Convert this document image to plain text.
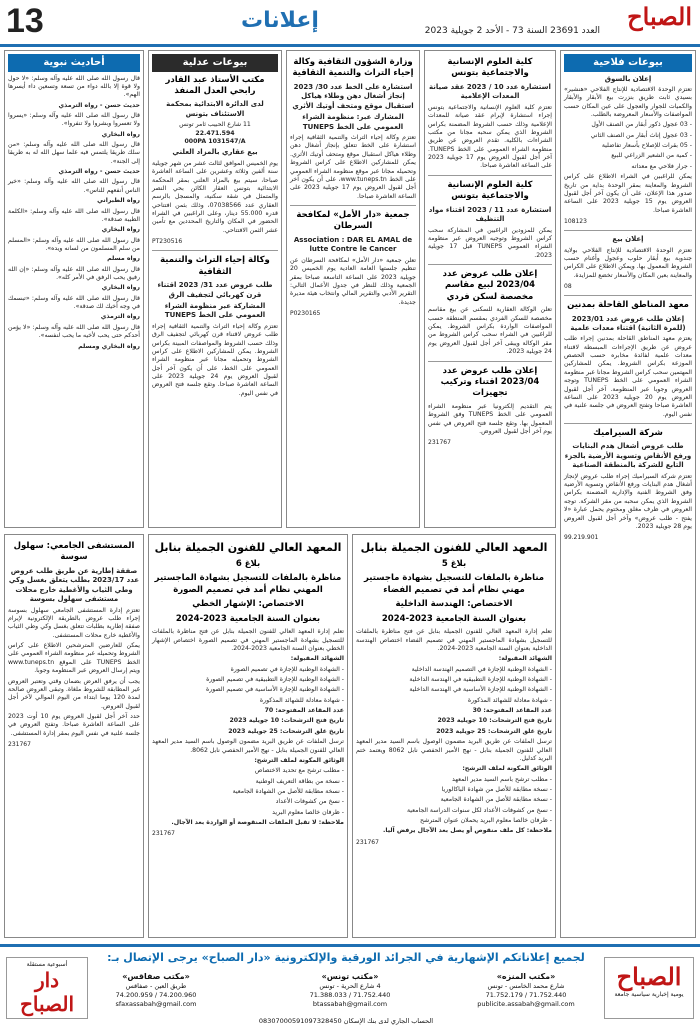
13	إعلانات	العدد 23691 السنة 73 - الأحد 2 جويلية 2023 الصباح
بيوعات فلاحية
إعلان بالسوق
تعتزم الوحدة الاقتصادية للإنتاج الفلاحي «هنشير» بسيدي ثابت طريق بنزرت بيع الأبقار والأبقار والكميات للجوار والعجول على عين المكان حسب المواصفات والأسعار المعروضة بالطلب.
- 03 عجول ذكور أبقار من الصنف الأول
- 03 عجول إناث أبقار من الصنف الثاني
- 05 بقرات للإصلاح بأسعار تفاضلية
- كمية من الشعير الزراعي للبيع
- جرار فلاحي مع معداته
يمكن للراغبين في الشراء الاطلاع على كراس الشروط والمعاينة بمقر الوحدة بداية من تاريخ صدور هذا الإعلان، على أن يكون آخر أجل لقبول العروض يوم 15 جويلية 2023 على الساعة العاشرة صباحا.
108123
إعلان بيع
تعتزم الوحدة الاقتصادية للإنتاج الفلاحي بولاية جندوبة بيع أبقار حلوب وعجول وأغنام حسب الشروط المعمول بها. ويمكن الاطلاع على الكراس والمعاينة بعين المكان والأسعار تخضع للمزايدة.
08
معهد المناطق القاحلة بمدنين
إعلان طلب عروض عدد 2023/01 (للمرة الثانية) اقتناء معدات علمية
يعتزم معهد المناطق القاحلة بمدنين إجراء طلب عروض عن طريق الإجراءات المبسطة لاقتناء معدات علمية لفائدة مخابره حسب الحصص الموزعة بكراس الشروط. يمكن للمشاركين المهتمين سحب كراس الشروط مجانا عبر منظومة الشراء العمومي على الخط TUNEPS وتوجه العروض وجوبا عبر المنظومة. آخر أجل لقبول العروض يوم 20 جويلية 2023 على الساعة العاشرة صباحا وتفتح العروض في جلسة علنية في نفس اليوم.
شركة السيراميك
طلب عروض أشغال هدم البنايات ورفع الأنقاض وتسوية الأرضية بالجزء التابع للشركة بالمنطقة الصناعية
تعتزم شركة السيراميك إجراء طلب عروض لإنجاز أشغال هدم البنايات ورفع الأنقاض وتسوية الأرضية وفق الشروط الفنية والإدارية المضمنة بكراس الشروط الذي يمكن سحبه من مقر الشركة. توجه العروض في ظرف مغلق ومختوم يحمل عبارة «لا يفتح - طلب عروض» وآخر أجل لقبول العروض يوم 28 جويلية 2023.
99.219.901
كلية العلوم الإنسانية والاجتماعية بتونس
استشارة عدد 10 / 2023 عقد صيانة المعدات الإعلامية
تعتزم كلية العلوم الإنسانية والاجتماعية بتونس إجراء استشارة لإبرام عقد صيانة للمعدات الإعلامية وذلك حسب الشروط المضمنة بكراس الشروط الذي يمكن سحبه مجانا من مكتب الشراءات بالكلية. تقدم العروض عن طريق منظومة الشراء العمومي على الخط TUNEPS. آخر أجل لقبول العروض يوم 17 جويلية 2023 على الساعة العاشرة صباحا.
كلية العلوم الإنسانية والاجتماعية بتونس
استشارة عدد 11 / 2023 اقتناء مواد التنظيف
يمكن للمزودين الراغبين في المشاركة سحب كراس الشروط وتوجيه العروض عبر منظومة الشراء العمومي TUNEPS قبل 17 جويلية 2023.
إعلان طلب عروض عدد 2023/04 لبيع مقاسم مخصصة لسكن فردي
تعلن الوكالة العقارية للسكنى عن بيع مقاسم مخصصة للسكن الفردي بمقسم المنطقة حسب المواصفات الواردة بكراس الشروط. يمكن للراغبين في الشراء سحب كراس الشروط من مقر الوكالة ويبقى آخر أجل لقبول العروض يوم 24 جويلية 2023.
إعلان طلب عروض عدد 2023/04 اقتناء وتركيب تجهيزات
يتم التقديم إلكترونيا عبر منظومة الشراء العمومي على الخط TUNEPS وفق الشروط المعمول بها. وتقع جلسة فتح العروض في نفس يوم آخر أجل لقبول العروض.
231767
وزارة الشؤون الثقافية وكالة إحياء التراث والتنمية الثقافية
استشارة على الخط عدد 30/ 2023 إنجاز أشغال دهن وطلاء هياكل استقبال موقع ومتحف أوتيك الأثري
المشارك عبر: منظومة الشراء العمومي على الخط TUNEPS
تعتزم وكالة إحياء التراث والتنمية الثقافية إجراء استشارة على الخط تتعلق بإنجاز أشغال دهن وطلاء هياكل استقبال موقع ومتحف أوتيك الأثري. يمكن للمشاركين الاطلاع على كراس الشروط وتحميله مجانا عبر موقع منظومة الشراء العمومي على الخط www.tuneps.tn، على أن يكون آخر أجل لقبول العروض يوم 17 جويلية 2023 على الساعة العاشرة صباحا.
جمعية «دار الأمل» لمكافحة السرطان
Association : DAR EL AMAL de lutte Contre le Cancer
تعلن جمعية «دار الأمل» لمكافحة السرطان عن تنظيم جلستها العامة العادية يوم الخميس 20 جويلية 2023 على الساعة التاسعة صباحا بمقر الجمعية وذلك للنظر في جدول الأعمال التالي: التقرير الأدبي والتقرير المالي وانتخاب هيئة مديرة جديدة.
P0230165
بيوعات عدلية
مكتب الأستاذ عبد القادر رابحي العدل المنفذ
لدى الدائرة الابتدائية بمحكمة الاستئناف بتونس
11 شارع الحبيب ثامر تونس
22.471.594
000PA 1031547/A
بيع عقاري بالمزاد العلني
يوم الخميس الموافق لثالث عشر من شهر جويلية سنة ألفين وثلاثة وعشرين على الساعة العاشرة صباحا، سيتم بيع بالمزاد العلني بمقر المحكمة الابتدائية بتونس العقار الكائن بحي النصر والمتمثل في شقة سكنية، والمسجل بالرسم العقاري عدد 07038566، وذلك بثمن افتتاحي قدره 55.000 دينار، وعلى الراغبين في الشراء الحضور في المكان والتاريخ المحددين مع تأمين عشر الثمن الافتتاحي.
PT230516
وكالة إحياء التراث والتنمية الثقافية
طلب عروض عدد 31/ 2023 اقتناء قرن كهربائي لتجفيف الرق
المشاركة عبر منظومة الشراء العمومي على الخط TUNEPS
تعتزم وكالة إحياء التراث والتنمية الثقافية إجراء طلب عروض لاقتناء قرن كهربائي لتجفيف الرق وذلك حسب الشروط والمواصفات المبينة بكراس الشروط. يمكن للمشاركين الاطلاع على كراس الشروط وتحميله مجانا عبر منظومة الشراء العمومي على الخط، على أن يكون آخر أجل لقبول العروض يوم 24 جويلية 2023 على الساعة العاشرة صباحا. وتقع جلسة فتح العروض في نفس اليوم.
أحاديث نبوية
قال رسول الله صلى الله عليه وآله وسلم: «لا حول ولا قوة إلا بالله دواء من تسعة وتسعين داء أيسرها الهم».
حديث حسن - رواه الترمذي
قال رسول الله صلى الله عليه وآله وسلم: «يسروا ولا تعسروا وبشروا ولا تنفروا».
رواه البخاري
قال رسول الله صلى الله عليه وآله وسلم: «من سلك طريقا يلتمس فيه علما سهل الله له به طريقا إلى الجنة».
حديث حسن - رواه الترمذي
قال رسول الله صلى الله عليه وآله وسلم: «خير الناس أنفعهم للناس».
رواه الطبراني
قال رسول الله صلى الله عليه وآله وسلم: «الكلمة الطيبة صدقة».
رواه البخاري
قال رسول الله صلى الله عليه وآله وسلم: «المسلم من سلم المسلمون من لسانه ويده».
رواه مسلم
قال رسول الله صلى الله عليه وآله وسلم: «إن الله رفيق يحب الرفق في الأمر كله».
رواه البخاري
قال رسول الله صلى الله عليه وآله وسلم: «تبسمك في وجه أخيك لك صدقة».
رواه الترمذي
قال رسول الله صلى الله عليه وآله وسلم: «لا يؤمن أحدكم حتى يحب لأخيه ما يحب لنفسه».
رواه البخاري ومسلم
المعهد العالي للفنون الجميلة بنابل
بلاغ 5
مناظرة بالملفات للتسجيل بشهادة ماجستير مهني نظام أمد في تصميم الفضاء
الاختصاص: الهندسة الداخلية
بعنوان السنة الجامعية 2023-2024
تعلم إدارة المعهد العالي للفنون الجميلة بنابل عن فتح مناظرة بالملفات للتسجيل بشهادة الماجستير المهني في تصميم الفضاء اختصاص الهندسة الداخلية بعنوان السنة الجامعية 2023-2024.
الشهائد المقبولة:
- الشهادة الوطنية للإجازة في التصميم الهندسة الداخلية
- الشهادة الوطنية للإجازة التطبيقية في الهندسة الداخلية
- الشهادة الوطنية للإجازة الأساسية في الهندسة الداخلية
- شهادة معادلة للشهائد المذكورة
عدد المقاعد المفتوحة: 30
تاريخ فتح الترشحات: 10 جويلية 2023
تاريخ غلق الترشحات: 25 جويلية 2023
ترسل الملفات عن طريق البريد مضمون الوصول باسم السيد مدير المعهد العالي للفنون الجميلة بنابل - نهج الأمير الحفصي نابل 8062 ويعتمد ختم البريد كدليل.
الوثائق المكونة لملف الترشح:
- مطلب ترشح باسم السيد مدير المعهد
- نسخة مطابقة للأصل من شهادة الباكالوريا
- نسخة مطابقة للأصل من الشهادة الجامعية
- نسخ من كشوفات الأعداد لكل سنوات الدراسة الجامعية
- ظرفان خالصا معلوم البريد يحملان عنوان المترشح
ملاحظة: كل ملف منقوص أو يصل بعد الآجال يرفض آليا.
231767
المعهد العالي للفنون الجميلة بنابل
بلاغ 6
مناظرة بالملفات للتسجيل بشهادة الماجستير المهني نظام أمد في تصميم الصورة
الاختصاص: الإشهار الخطي
بعنوان السنة الجامعية 2023-2024
تعلم إدارة المعهد العالي للفنون الجميلة بنابل عن فتح مناظرة بالملفات للتسجيل بشهادة الماجستير المهني في تصميم الصورة اختصاص الإشهار الخطي بعنوان السنة الجامعية 2023-2024.
الشهائد المقبولة:
- الشهادة الوطنية للإجازة في تصميم الصورة
- الشهادة الوطنية للإجازة التطبيقية في تصميم الصورة
- الشهادة الوطنية للإجازة الأساسية في تصميم الصورة
- شهادة معادلة للشهائد المذكورة
عدد المقاعد المفتوحة: 70
تاريخ فتح الترشحات: 10 جويلية 2023
تاريخ غلق الترشحات: 25 جويلية 2023
ترسل الملفات عن طريق البريد مضمون الوصول باسم السيد مدير المعهد العالي للفنون الجميلة بنابل - نهج الأمير الحفصي نابل 8062.
الوثائق المكونة لملف الترشح:
- مطلب ترشح مع تحديد الاختصاص
- نسخة من بطاقة التعريف الوطنية
- نسخة مطابقة للأصل من الشهادة الجامعية
- نسخ من كشوفات الأعداد
- ظرفان خالصا معلوم البريد
ملاحظة: لا تقبل الملفات المنقوصة أو الواردة بعد الآجال.
231767
المستشفى الجامعي: سهلول سوسة
صفقة إطارية عن طريق طلب عروض عدد 2023/17 بطلب يتعلق بغسل وكي وطي الثياب والأغطية خارج محلات مستشفى سهلول بسوسة
تعتزم إدارة المستشفى الجامعي سهلول بسوسة إجراء طلب عروض بالطريقة الإلكترونية لإبرام صفقة إطارية بطلبات تتعلق بغسل وكي وطي الثياب والأغطية خارج محلات المستشفى.
يمكن للعارضين المترشحين الاطلاع على كراس الشروط وتحميله عبر منظومة الشراء العمومي على الخط TUNEPS على الموقع www.tuneps.tn ويتم إرسال العروض عبر المنظومة وجوبا.
يجب أن يرفق العرض بضمان وقتي وتعتبر العروض غير المطابقة للشروط ملغاة. وتبقى العروض صالحة لمدة 120 يوما ابتداء من اليوم الموالي لآخر أجل لقبول العروض.
حدد آخر أجل لقبول العروض يوم 10 أوت 2023 على الساعة العاشرة صباحا. وتفتح العروض في جلسة علنية في نفس اليوم بمقر إدارة المستشفى.
231767
لجميع إعلاناتكم الإشهارية في الجرائد الورقية والإلكترونية «دار الصباح» يرجى الإتصال بـ:
الصباح
يومية إخبارية سياسية جامعة
«مكتب المنزه»
شارع محمد الخامس - تونس
71.752.179 / 71.752.440 publicite.assabah@gmail.com
«مكتب تونس»
4 شارع الحرية - تونس
71.388.033 / 71.752.440 btassabah@gmail.com
«مكتب صفاقس»
طريق العين - صفاقس
74.200.959 / 74.200.960 sfaxassabah@gmail.com
الحساب الجاري لدى بنك الإسكان 08307000591097328450
أسبوعية مستقلة
دار الصباح
